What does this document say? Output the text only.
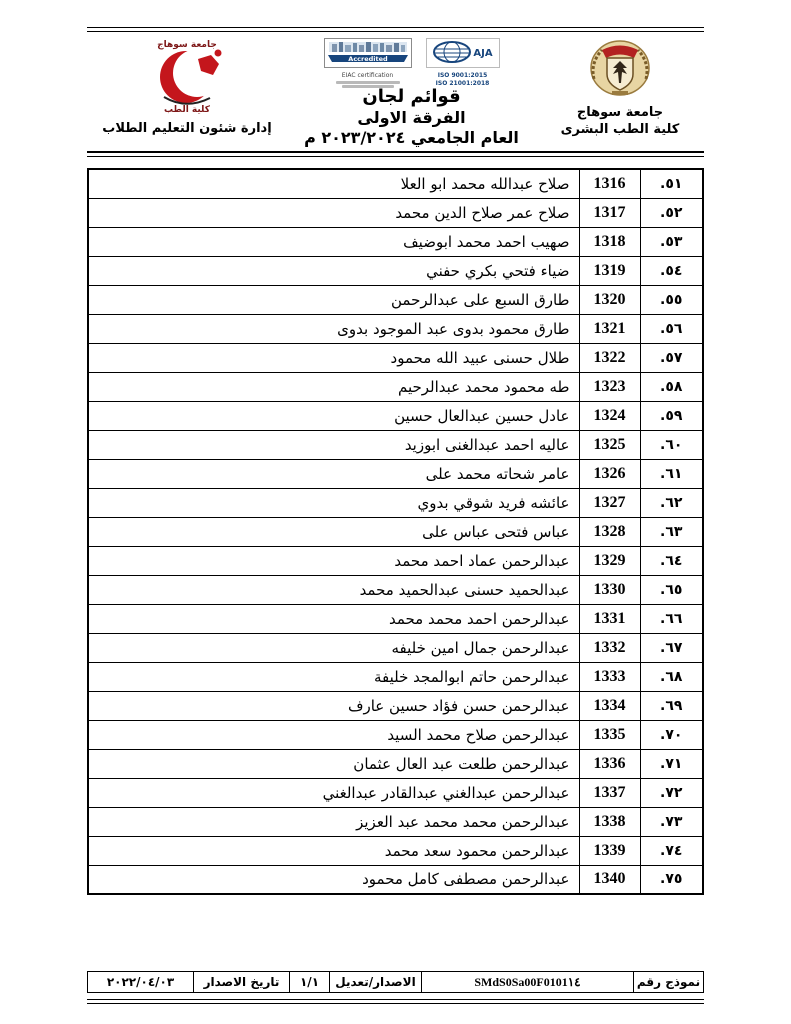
جامعة سوهاج
كلية الطب البشرى
Accredited
EIAC certification
AJA
ISO 9001:2015
ISO 21001:2018
قوائم لجان
الفرقة الاولى
العام الجامعي ٢٠٢٣/٢٠٢٤ م
جامعة سوهاج
كلية الطب
إدارة شئون التعليم الطلاب
٥١.	1316	صلاح عبدالله محمد ابو العلا
٥٢.	1317	صلاح عمر صلاح الدين محمد
٥٣.	1318	صهيب احمد محمد ابوضيف
٥٤.	1319	ضياء فتحي بكري حفني
٥٥.	1320	طارق السبع على عبدالرحمن
٥٦.	1321	طارق محمود بدوى عبد الموجود بدوى
٥٧.	1322	طلال حسنى عبيد الله محمود
٥٨.	1323	طه محمود محمد عبدالرحيم
٥٩.	1324	عادل حسين عبدالعال حسين
٦٠.	1325	عاليه احمد عبدالغنى ابوزيد
٦١.	1326	عامر شحاته محمد على
٦٢.	1327	عائشه فريد شوقي بدوي
٦٣.	1328	عباس فتحى عباس على
٦٤.	1329	عبدالرحمن عماد احمد محمد
٦٥.	1330	عبدالحميد حسنى عبدالحميد محمد
٦٦.	1331	عبدالرحمن احمد محمد محمد
٦٧.	1332	عبدالرحمن جمال امين خليفه
٦٨.	1333	عبدالرحمن حاتم ابوالمجد خليفة
٦٩.	1334	عبدالرحمن حسن فؤاد حسين عارف
٧٠.	1335	عبدالرحمن صلاح محمد السيد
٧١.	1336	عبدالرحمن طلعت عبد العال عثمان
٧٢.	1337	عبدالرحمن عبدالغني عبدالقادر عبدالغني
٧٣.	1338	عبدالرحمن محمد محمد عبد العزيز
٧٤.	1339	عبدالرحمن محمود سعد محمد
٧٥.	1340	عبدالرحمن مصطفى كامل محمود
نموذج رقم	SMdS0Sa00F0101١٤	الاصدار/تعديل	١/١	تاريخ الاصدار	٢٠٢٢/٠٤/٠٣
